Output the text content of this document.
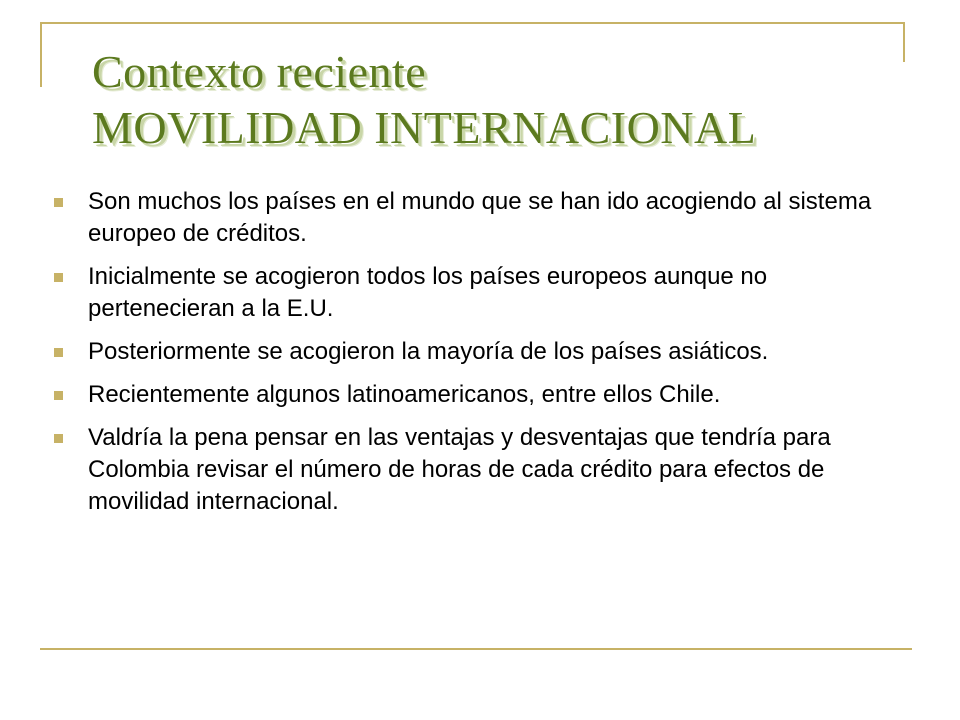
Contexto reciente
MOVILIDAD INTERNACIONAL
Son muchos los países en el mundo que se han ido acogiendo al sistema europeo de créditos.
Inicialmente se acogieron todos los países europeos aunque no pertenecieran a la E.U.
Posteriormente se acogieron la mayoría de los países asiáticos.
Recientemente algunos latinoamericanos, entre ellos Chile.
Valdría la pena pensar en las ventajas y desventajas que tendría para Colombia revisar el número de horas de cada crédito para efectos de movilidad internacional.
